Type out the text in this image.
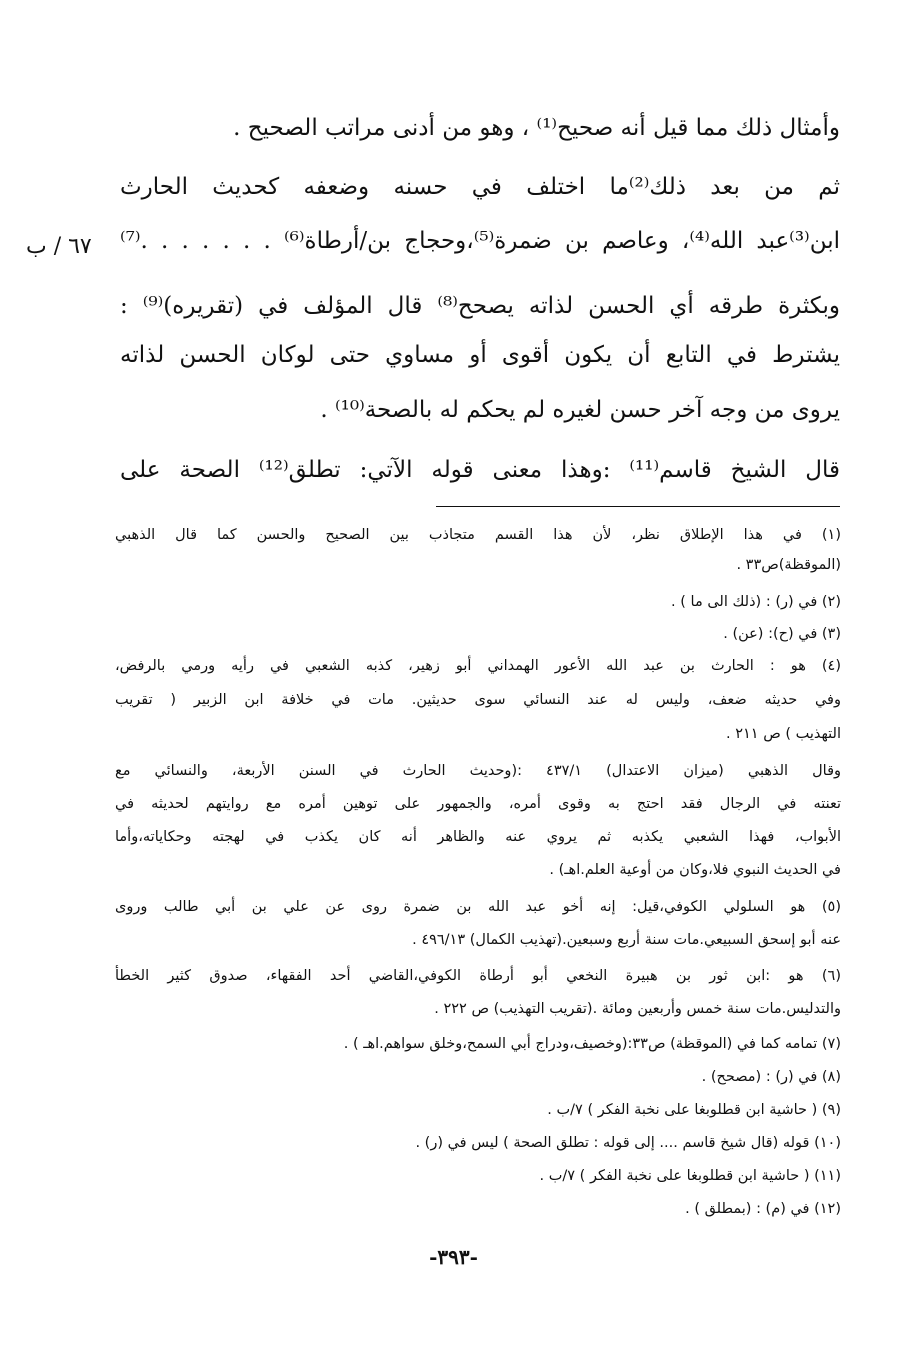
٦٧ / ب
وأمثال ذلك مما قيل أنه صحيح⁽¹⁾ ، وهو من أدنى مراتب الصحيح .
ثم من بعد ذلك⁽²⁾ما اختلف في حسنه وضعفه كحديث الحارث
ابن⁽³⁾عبد الله⁽⁴⁾، وعاصم بن ضمرة⁽⁵⁾،وحجاج بن/أرطاة⁽⁶⁾ . . . . . . .⁽⁷⁾
وبكثرة طرقه أي الحسن لذاته يصحح⁽⁸⁾ قال المؤلف في (تقريره)⁽⁹⁾ :
يشترط في التابع أن يكون أقوى أو مساوي حتى لوكان الحسن لذاته
يروى من وجه آخر حسن لغيره لم يحكم له بالصحة⁽¹⁰⁾ .
قال الشيخ قاسم⁽¹¹⁾ :وهذا معنى قوله الآتي: تطلق⁽¹²⁾ الصحة على
(١) في هذا الإطلاق نظر، لأن هذا القسم متجاذب بين الصحيح والحسن كما قال الذهبي
(الموقظة)ص٣٣ .
(٢) في (ر) : (ذلك الى ما ) .
(٣) في (ح): (عن) .
(٤) هو : الحارث بن عبد الله الأعور الهمداني أبو زهير، كذبه الشعبي في رأيه ورمي بالرفض،
وفي حديثه ضعف، وليس له عند النسائي سوى حديثين. مات في خلافة ابن الزبير ( تقريب
التهذيب ) ص ٢١١ .
وقال الذهبي (ميزان الاعتدال) ٤٣٧/١ :(وحديث الحارث في السنن الأربعة، والنسائي مع
تعنته في الرجال فقد احتج به وقوى أمره، والجمهور على توهين أمره مع روايتهم لحديثه في
الأبواب، فهذا الشعبي يكذبه ثم يروي عنه والظاهر أنه كان يكذب في لهجته وحكاياته،وأما
في الحديث النبوي فلا،وكان من أوعية العلم.اهـ) .
(٥) هو السلولي الكوفي،قيل: إنه أخو عبد الله بن ضمرة روى عن علي بن أبي طالب وروى
عنه أبو إسحق السبيعي.مات سنة أربع وسبعين.(تهذيب الكمال) ٤٩٦/١٣ .
(٦) هو :ابن ثور بن هبيرة النخعي أبو أرطاة الكوفي،القاضي أحد الفقهاء، صدوق كثير الخطأ
والتدليس.مات سنة خمس وأربعين ومائة .(تقريب التهذيب) ص ٢٢٢ .
(٧) تمامه كما في (الموقظة) ص٣٣:(وخصيف،ودراج أبي السمح،وخلق سواهم.اهـ ) .
(٨) في (ر) : (مصحح) .
(٩) ( حاشية ابن قطلوبغا على نخبة الفكر ) ٧/ب .
(١٠) قوله (قال شيخ قاسم .... إلى قوله : تطلق الصحة ) ليس في (ر) .
(١١) ( حاشية ابن قطلوبغا على نخبة الفكر ) ٧/ب .
(١٢) في (م) : (بمطلق ) .
-٣٩٣-
